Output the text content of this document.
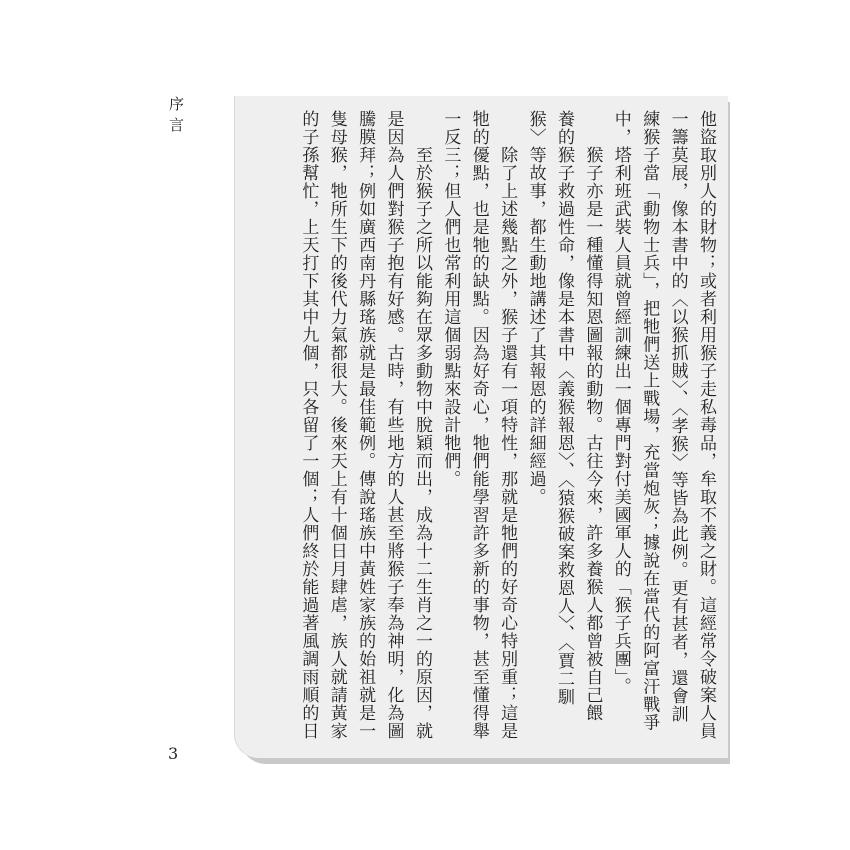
序言	他盜取別人的財物；或者利用猴子走私毒品，牟取不義之財。這經常令破案人員

一籌莫展，像本書中的〈以猴抓賊〉、〈孝猴〉等皆為此例。更有甚者，還會訓

練猴子當「動物士兵」，把牠們送上戰場，充當炮灰；據說在當代的阿富汗戰爭

中，塔利班武裝人員就曾經訓練出一個專門對付美國軍人的「猴子兵團」。

　　猴子亦是一種懂得知恩圖報的動物。古往今來，許多養猴人都曾被自己餵

養的猴子救過性命，像是本書中〈義猴報恩〉、〈猿猴破案救恩人〉、〈賈二馴

猴〉等故事，都生動地講述了其報恩的詳細經過。

　　除了上述幾點之外，猴子還有一項特性，那就是牠們的好奇心特別重；這是

牠的優點，也是牠的缺點。因為好奇心，牠們能學習許多新的事物，甚至懂得舉

一反三；但人們也常利用這個弱點來設計牠們。

　　至於猴子之所以能夠在眾多動物中脫穎而出，成為十二生肖之一的原因，就

是因為人們對猴子抱有好感。古時，有些地方的人甚至將猴子奉為神明，化為圖

騰膜拜；例如廣西南丹縣瑤族就是最佳範例。傳說瑤族中黃姓家族的始祖就是一

隻母猴，牠所生下的後代力氣都很大。後來天上有十個日月肆虐，族人就請黃家

的子孫幫忙，上天打下其中九個，只各留了一個；人們終於能過著風調雨順的日

3
